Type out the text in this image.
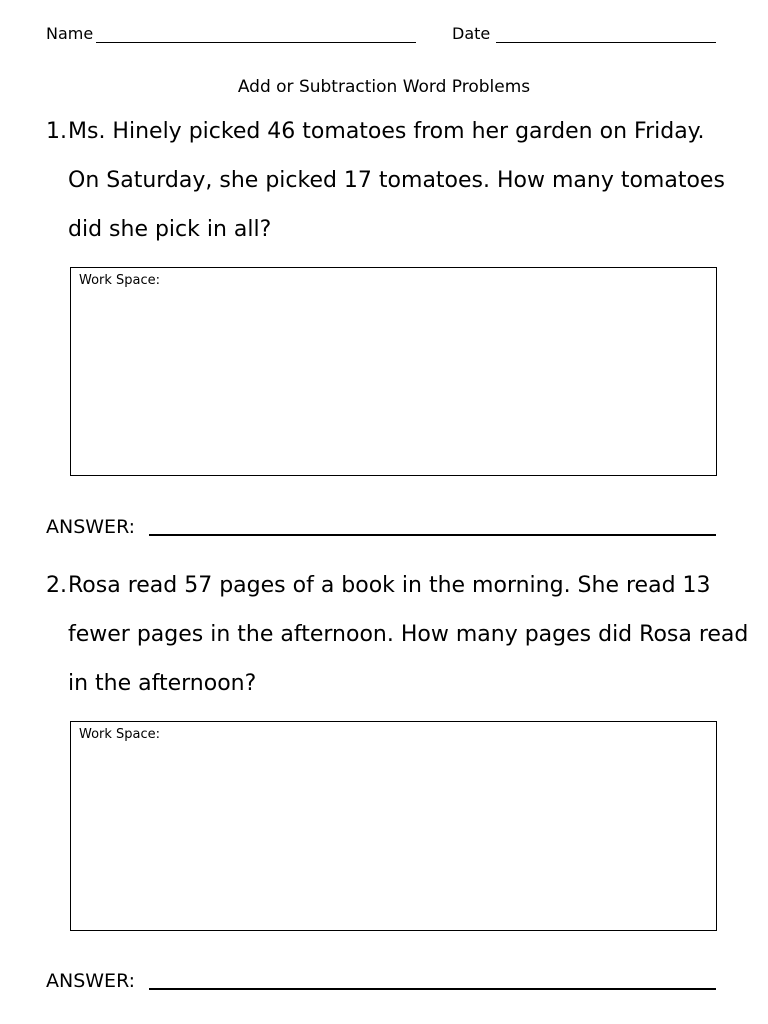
Name	Date
Add or Subtraction Word Problems
1. Ms. Hinely picked 46 tomatoes from her garden on Friday.
On Saturday, she picked 17 tomatoes. How many tomatoes
did she pick in all?
Work Space:
ANSWER:
2. Rosa read 57 pages of a book in the morning. She read 13
fewer pages in the afternoon. How many pages did Rosa read
in the afternoon?
Work Space:
ANSWER:
